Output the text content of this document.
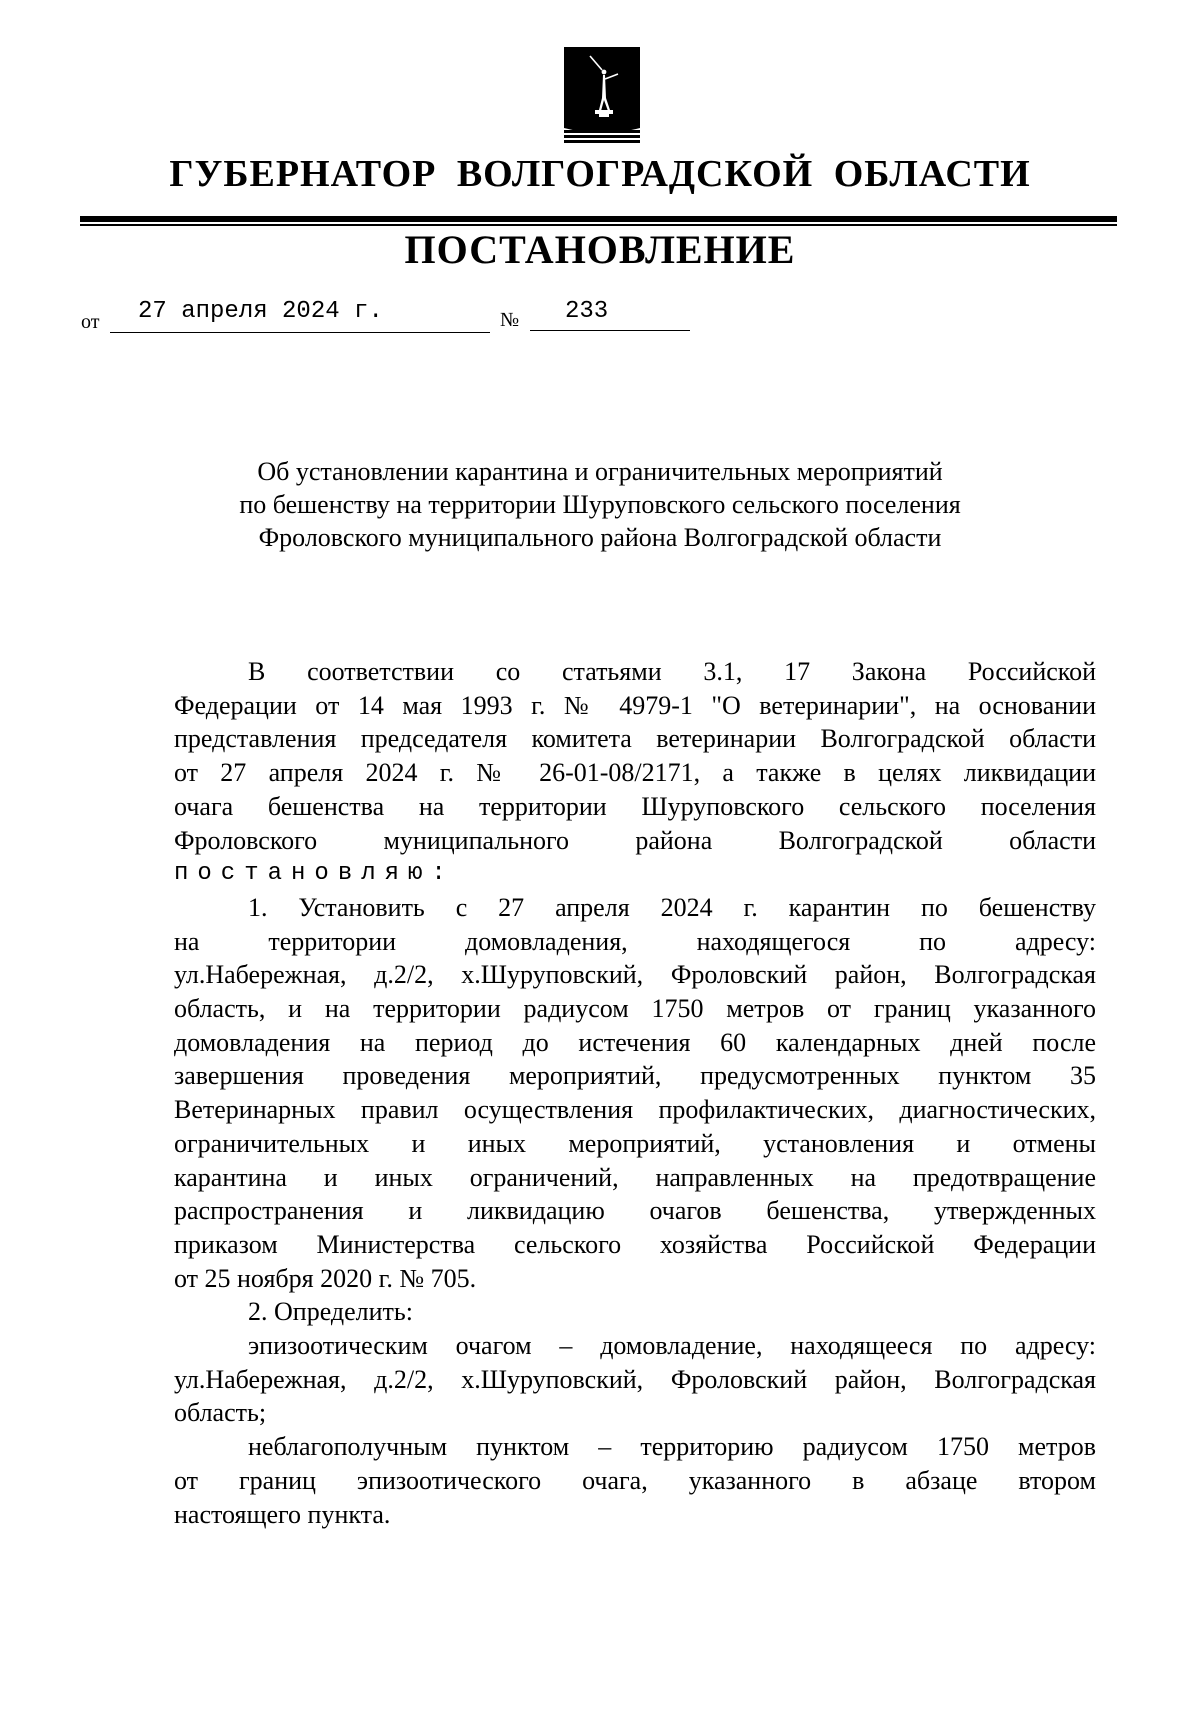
ГУБЕРНАТОР ВОЛГОГРАДСКОЙ ОБЛАСТИ
ПОСТАНОВЛЕНИЕ
от 27 апреля 2024 г.	№ 233
Об установлении карантина и ограничительных мероприятий
по бешенству на территории Шуруповского сельского поселения
Фроловского муниципального района Волгоградской области
В соответствии со статьями 3.1, 17 Закона Российской
Федерации от 14 мая 1993 г. № 4979-1 "О ветеринарии", на основании
представления председателя комитета ветеринарии Волгоградской области
от 27 апреля 2024 г. № 26-01-08/2171, а также в целях ликвидации
очага бешенства на территории Шуруповского сельского поселения
Фроловского муниципального района Волгоградской области
постановляю:
1. Установить с 27 апреля 2024 г. карантин по бешенству
на территории домовладения, находящегося по адресу:
ул.Набережная, д.2/2, х.Шуруповский, Фроловский район, Волгоградская
область, и на территории радиусом 1750 метров от границ указанного
домовладения на период до истечения 60 календарных дней после
завершения проведения мероприятий, предусмотренных пунктом 35
Ветеринарных правил осуществления профилактических, диагностических,
ограничительных и иных мероприятий, установления и отмены
карантина и иных ограничений, направленных на предотвращение
распространения и ликвидацию очагов бешенства, утвержденных
приказом Министерства сельского хозяйства Российской Федерации
от 25 ноября 2020 г. № 705.
2. Определить:
эпизоотическим очагом – домовладение, находящееся по адресу:
ул.Набережная, д.2/2, х.Шуруповский, Фроловский район, Волгоградская
область;
неблагополучным пунктом – территорию радиусом 1750 метров
от границ эпизоотического очага, указанного в абзаце втором
настоящего пункта.
